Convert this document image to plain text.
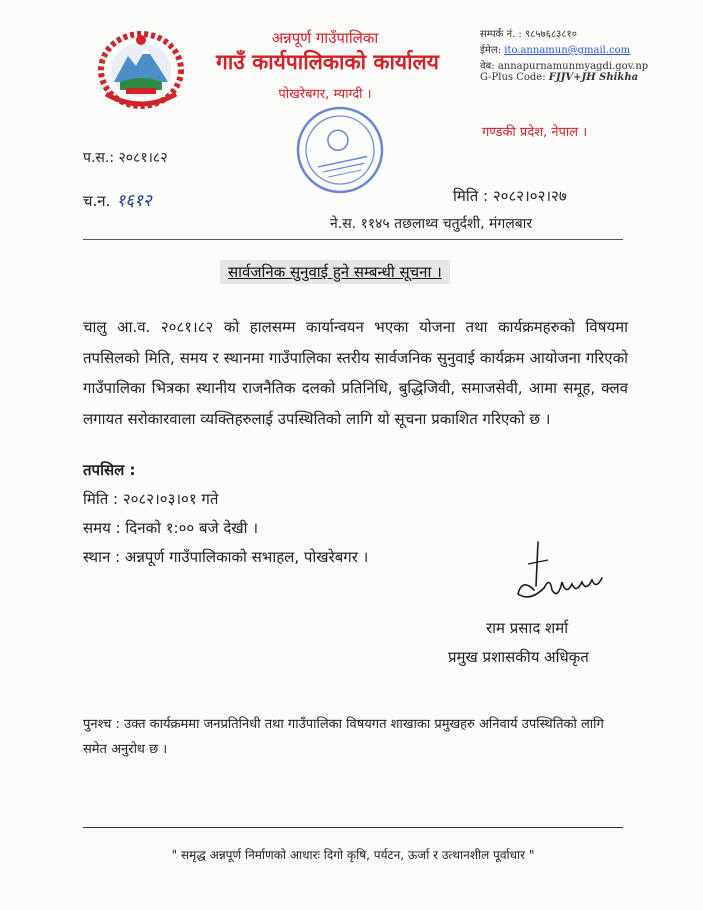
अन्नपूर्ण गाउँपालिका
गाउँ कार्यपालिकाको कार्यालय
पोखरेबगर, म्याग्दी ।
सम्पर्क नं. : ९८५७६८३८१०
ईमेल: ito.annamun@gmail.com
वेब: annapurnamunmyagdi.gov.np
G-Plus Code: FJJV+JH Shikha
गण्डकी प्रदेश, नेपाल ।
प.स.: २०८१।८२
च.न. १६१२	मिति : २०८२।०२।२७
ने.स. ११४५ तछलाथ्व चतुर्दशी, मंगलबार
सार्वजनिक सुनुवाई हुने सम्बन्धी सूचना ।
चालु आ.व. २०८१।८२ को हालसम्म कार्यान्वयन भएका योजना तथा कार्यक्रमहरुको विषयमा तपसिलको मिति, समय र स्थानमा गाउँपालिका स्तरीय सार्वजनिक सुनुवाई कार्यक्रम आयोजना गरिएको गाउँपालिका भित्रका स्थानीय राजनैतिक दलको प्रतिनिधि, बुद्धिजिवी, समाजसेवी, आमा समूह, क्लव लगायत सरोकारवाला व्यक्तिहरुलाई उपस्थितिको लागि यो सूचना प्रकाशित गरिएको छ ।
तपसिल :
मिति : २०८२।०३।०१ गते
समय : दिनको १:०० बजे देखी ।
स्थान : अन्नपूर्ण गाउँपालिकाको सभाहल, पोखरेबगर ।
राम प्रसाद शर्मा
प्रमुख प्रशासकीय अधिकृत
पुनश्च : उक्त कार्यक्रममा जनप्रतिनिधी तथा गाउँपालिका विषयगत शाखाका प्रमुखहरु अनिवार्य उपस्थितिको लागि समेत अनुरोध छ ।
" समृद्ध अन्नपूर्ण निर्माणको आधारः दिगो कृषि, पर्यटन, ऊर्जा र उत्थानशील पूर्वाधार "
